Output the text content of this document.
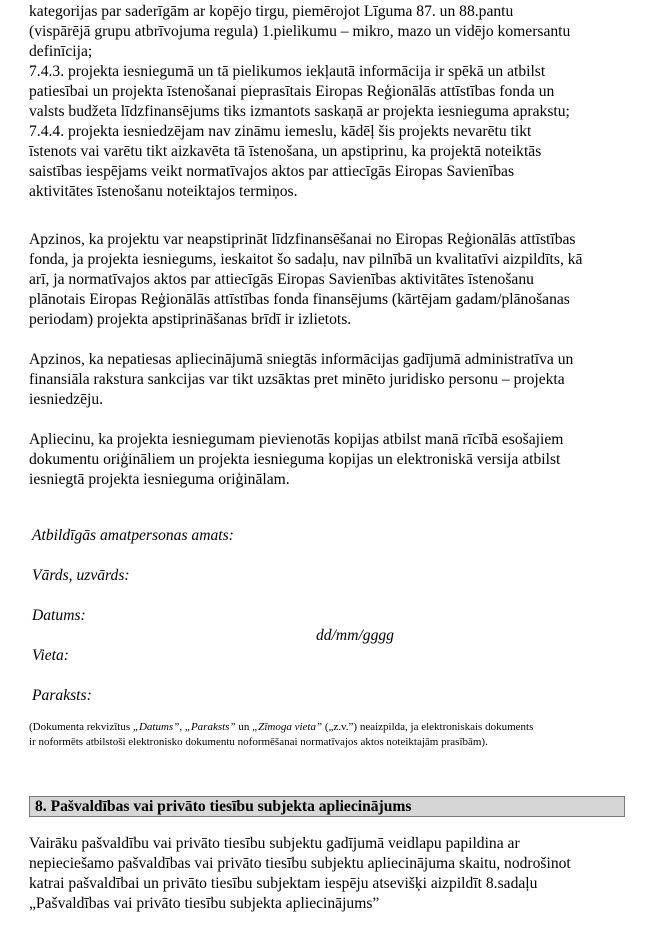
kategorijas par saderīgām ar kopējo tirgu, piemērojot Līguma 87. un 88.pantu

(vispārējā grupu atbrīvojuma regula) 1.pielikumu – mikro, mazo un vidējo komersantu

definīcija;

7.4.3. projekta iesniegumā un tā pielikumos iekļautā informācija ir spēkā un atbilst

patiesībai un projekta īstenošanai pieprasītais Eiropas Reģionālās attīstības fonda un

valsts budžeta līdzfinansējums tiks izmantots saskaņā ar projekta iesnieguma aprakstu;

7.4.4. projekta iesniedzējam nav zināmu iemeslu, kādēļ šis projekts nevarētu tikt

īstenots vai varētu tikt aizkavēta tā īstenošana, un apstiprinu, ka projektā noteiktās

saistības iespējams veikt normatīvajos aktos par attiecīgās Eiropas Savienības

aktivitātes īstenošanu noteiktajos termiņos.

Apzinos, ka projektu var neapstiprināt līdzfinansēšanai no Eiropas Reģionālās attīstības

fonda, ja projekta iesniegums, ieskaitot šo sadaļu, nav pilnībā un kvalitatīvi aizpildīts, kā

arī, ja normatīvajos aktos par attiecīgās Eiropas Savienības aktivitātes īstenošanu

plānotais Eiropas Reģionālās attīstības fonda finansējums (kārtējam gadam/plānošanas

periodam) projekta apstiprināšanas brīdī ir izlietots.

Apzinos, ka nepatiesas apliecinājumā sniegtās informācijas gadījumā administratīva un

finansiāla rakstura sankcijas var tikt uzsāktas pret minēto juridisko personu – projekta

iesniedzēju.

Apliecinu, ka projekta iesniegumam pievienotās kopijas atbilst manā rīcībā esošajiem

dokumentu oriģināliem un projekta iesnieguma kopijas un elektroniskā versija atbilst

iesniegtā projekta iesnieguma oriģinālam.

Atbildīgās amatpersonas amats:
Vārds, uzvārds:
Datums:
dd/mm/gggg
Vieta:
Paraksts:
(Dokumenta rekvizītus „Datums”, „Paraksts” un „Zīmoga vieta” („z.v.”) neaizpilda, ja elektroniskais dokuments
ir noformēts atbilstoši elektronisko dokumentu noformēšanai normatīvajos aktos noteiktajām prasībām).
8. Pašvaldības vai privāto tiesību subjekta apliecinājums

Vairāku pašvaldību vai privāto tiesību subjektu gadījumā veidlapu papildina ar

nepieciešamo pašvaldības vai privāto tiesību subjektu apliecinājuma skaitu, nodrošinot

katrai pašvaldībai un privāto tiesību subjektam iespēju atsevišķi aizpildīt 8.sadaļu

„Pašvaldības vai privāto tiesību subjekta apliecinājums”
